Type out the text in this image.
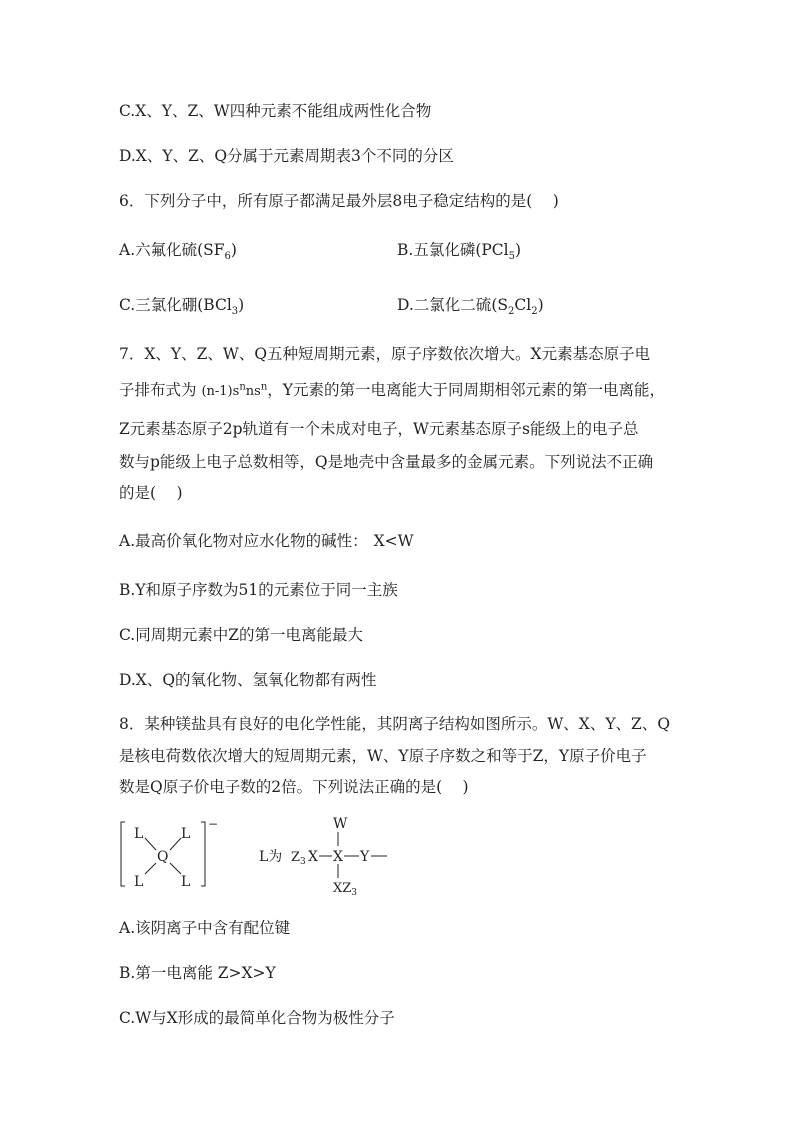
C.X、Y、Z、W四种元素不能组成两性化合物
D.X、Y、Z、Q分属于元素周期表3个不同的分区
6．下列分子中，所有原子都满足最外层8电子稳定结构的是(　 )
A.六氟化硫$(SF_6)$	B.五氯化磷(PCl$_5$)
C.三氯化硼(BCl$_3$)	D.二氯化二硫$(S_2Cl_2)$
7．X、Y、Z、W、Q五种短周期元素，原子序数依次增大。X元素基态原子电
子排布式为 $(n-1)s^nns^n$，Y元素的第一电离能大于同周期相邻元素的第一电离能，
Z元素基态原子2p轨道有一个未成对电子，W元素基态原子s能级上的电子总
数与p能级上电子总数相等，Q是地壳中含量最多的金属元素。下列说法不正确
的是(　 )
A.最高价氧化物对应水化物的碱性： X<W
B.Y和原子序数为51的元素位于同一主族
C.同周期元素中Z的第一电离能最大
D.X、Q的氧化物、氢氧化物都有两性
8．某种镁盐具有良好的电化学性能，其阴离子结构如图所示。W、X、Y、Z、Q
是核电荷数依次增大的短周期元素，W、Y原子序数之和等于Z，Y原子价电子
数是Q原子价电子数的2倍。下列说法正确的是(　 )
−
L	L
L	L
Q	L为 $Z_3$ X X Y
W
$XZ_3$
A.该阴离子中含有配位键
B.第一电离能 Z>X>Y
C.W与X形成的最简单化合物为极性分子
